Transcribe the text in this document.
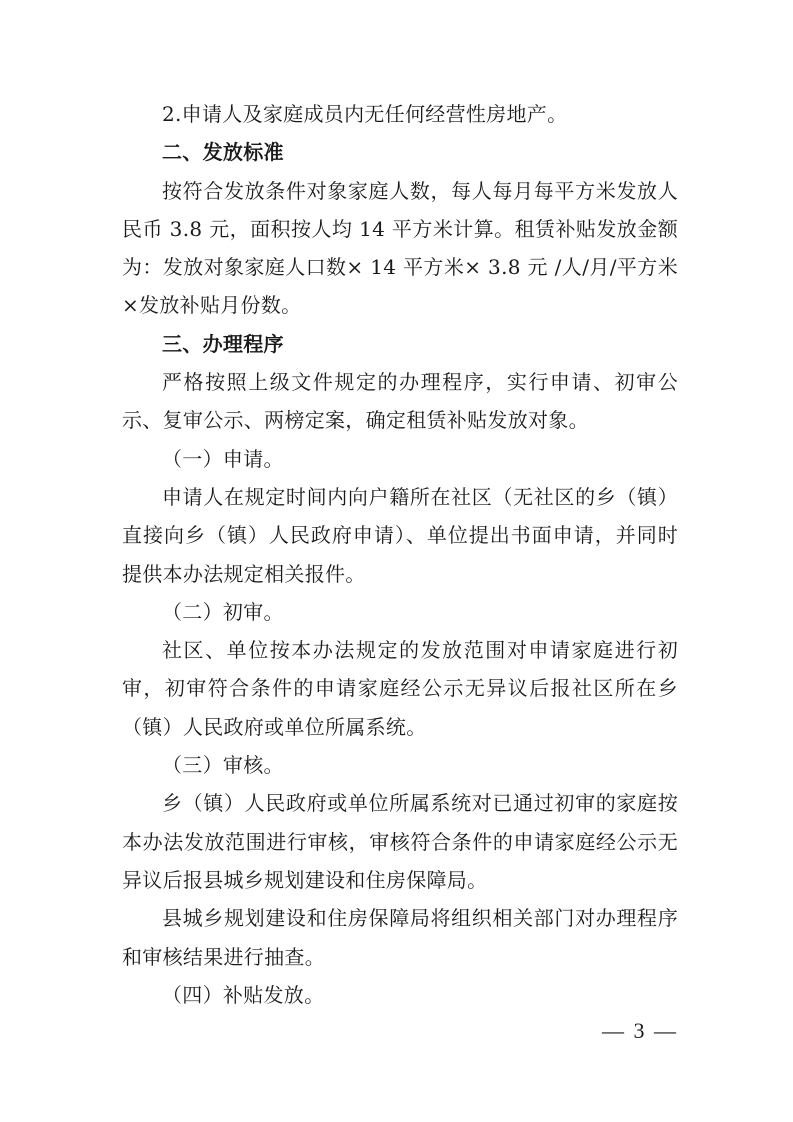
2.申请人及家庭成员内无任何经营性房地产。

二、发放标准

按符合发放条件对象家庭人数，每人每月每平方米发放人民币 3.8 元，面积按人均 14 平方米计算。租赁补贴发放金额为：发放对象家庭人口数× 14 平方米× 3.8 元 /人/月/平方米×发放补贴月份数。

三、办理程序

严格按照上级文件规定的办理程序，实行申请、初审公示、复审公示、两榜定案，确定租赁补贴发放对象。

（一）申请。

申请人在规定时间内向户籍所在社区（无社区的乡（镇）直接向乡（镇）人民政府申请）、单位提出书面申请，并同时提供本办法规定相关报件。

（二）初审。

社区、单位按本办法规定的发放范围对申请家庭进行初审，初审符合条件的申请家庭经公示无异议后报社区所在乡（镇）人民政府或单位所属系统。

（三）审核。

乡（镇）人民政府或单位所属系统对已通过初审的家庭按本办法发放范围进行审核，审核符合条件的申请家庭经公示无异议后报县城乡规划建设和住房保障局。

县城乡规划建设和住房保障局将组织相关部门对办理程序和审核结果进行抽查。

（四）补贴发放。

— 3 —
